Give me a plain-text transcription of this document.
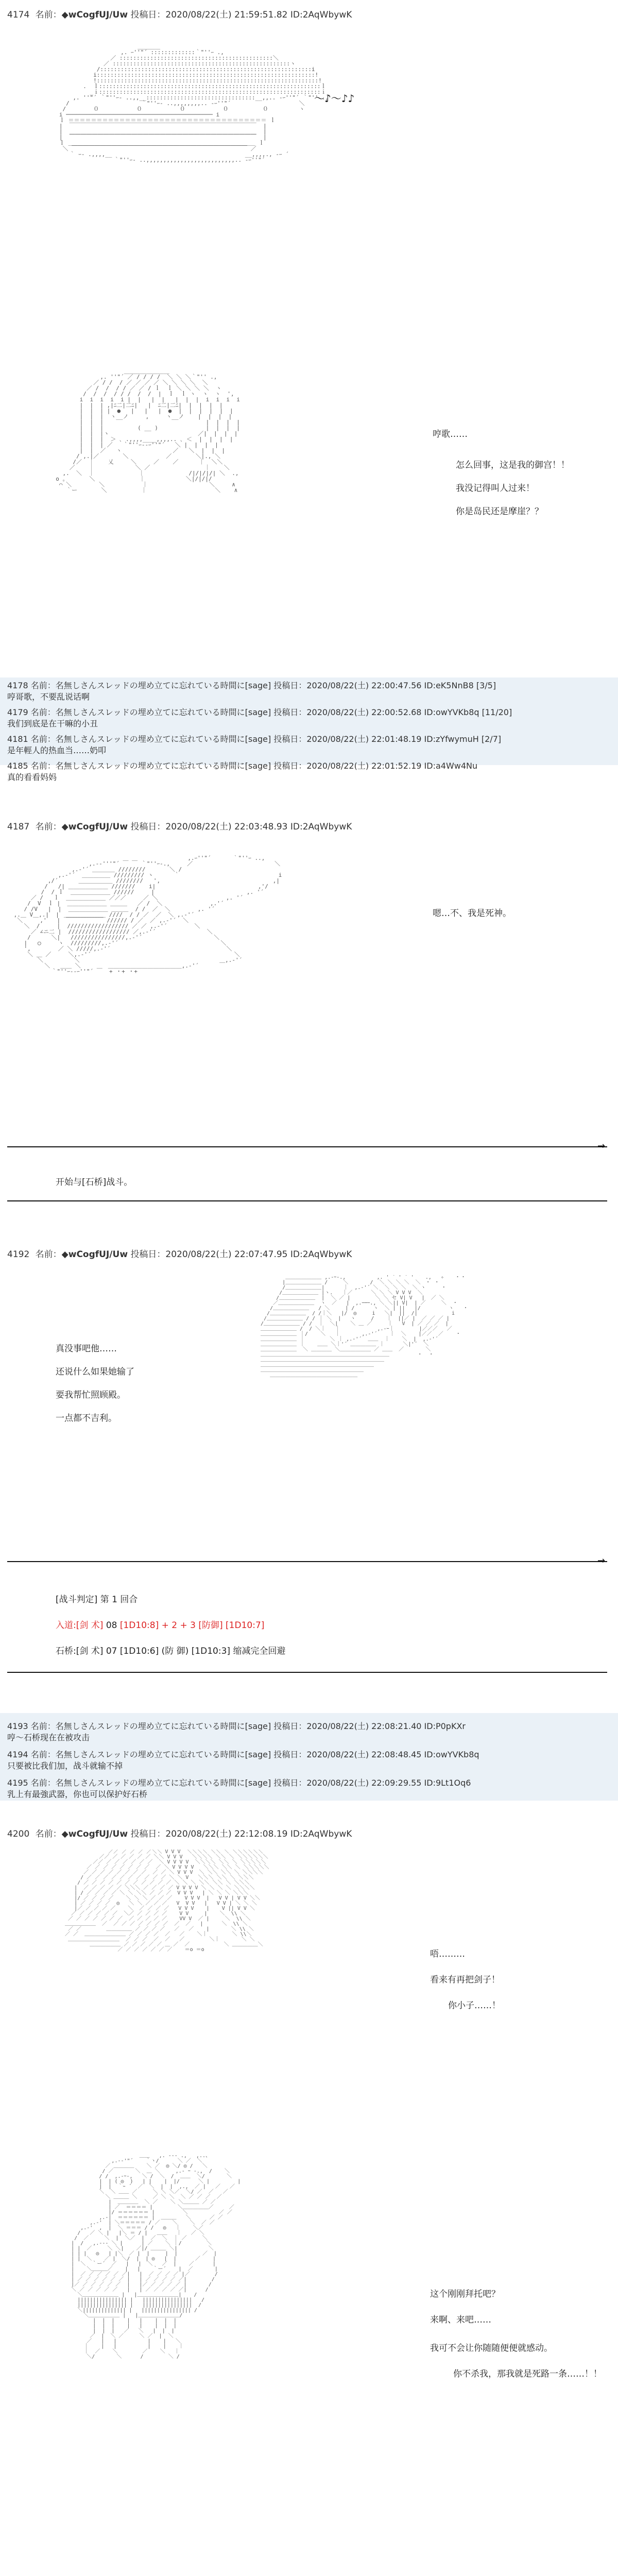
4174 名前：◆wCogfUJ/Uw 投稿日：2020/08/22(土) 21:59:51.82 ID:2AqWbywK
＿＿＿＿
,. ｰ''"´ :::::::::::::｀"''ｰ .,
／ :::::::::::::::::::::::::::::::::::::::::::::＼
／ ::::::::::::::::::::::::::::::::::::::::::::::::::::ヽ
/::::::::::::::::::::::::::::::::::::::::::::::::::::::::::::::i
i::::::::::::::::::::::::::::::::::::::::::::::::::::::::::::::::!
!:::::::::::::::::::::::::::::::::::::::::::::::::::::::::::::::::!
.  ｌ:::::::::::::::::::::::::::::::::::::::::::::::::::::::::::::::::ｌ
_ｉ:::::::::::::::::::::::::::::::::::::::::::::::::::::::::::::::::ｉ_
,. ''"´ ｀"''ｰ- ..,,__::::::::::::::::::::::::::::::::__,,.. -ｰ''"´ ｀"'' .,
/                     ｀"''ｰ- ..,,,,,,,,.. -ｰ''"´                    ＼
/        ０           ０           ０           ０          ０         ヽ
i ─────────────────────────────────────────── i
ｌ ＝＝＝＝＝＝＝＝＝＝＝＝＝＝＝＝＝＝＝＝＝＝＝＝＝＝＝＝＝＝＝＝＝＝＝ ｌ
|  ￣￣￣￣￣￣￣￣￣￣￣￣￣￣￣￣￣￣￣￣￣￣￣￣￣￣￣￣￣￣￣￣￣  |
|  ＿＿＿＿＿＿＿＿＿＿＿＿＿＿＿＿＿＿＿＿＿＿＿＿＿＿＿＿＿＿＿＿＿  |
|  ￣￣￣￣￣￣￣￣￣￣￣￣￣￣￣￣￣￣￣￣￣￣￣￣￣￣￣￣￣￣￣￣￣  |
ｌ ＿＿＿＿＿＿＿＿＿＿＿＿＿＿＿＿＿＿＿＿＿＿＿＿＿＿＿＿＿＿＿＿＿ ｌ
＼ ￣￣￣￣￣￣￣￣￣￣￣￣￣￣￣￣￣￣￣￣￣￣￣￣￣￣￣￣￣￣￣ ／
｀ ｰ- .,,,,__                                       __,,,,., -ｰ ´
｀"''ｰ- ..,,,,,,,,,,,,,,,,,,,,,,,,,,.. -ｰ''"´

～♪～♪♪
＿＿＿＿＿＿＿＿
,. ''"´ ／ / / / /  ＼ ＼ ＼｀"'' .,
／ / /  / ／ ／ ／ ／ ＼ ＼ ＼ ＼  ＼
／ /  /  / / ／ ／ / ｌ  ｌ ＼ ＼ ＼ ＼  ヽ
/  /  /  / / /  /  /  |  ｌ  ｌ ヽ  ヽ  ヽ  ',
i  i  i  i  i |  |   |  |   |  |  |  i  i  i  i
|  |  | ,|ﾆ二|二ﾆ|   |  ﾆ二|二ﾆ|  |  |  |  |
|  |  | |  ●   |   |   |  ●  |  |  |  |  |  |
|  |  |  ヽ__ノ     ,     ヽ__ノ    |  |  |  |
|  |  |                              |  |  |  |
|  |  |          ( __ )              |  |  |  |
|  |  |ヽ                          ／|  |  |  |
|  |  |  ＞ ､ .,,,,____,,,,.. ､ ＜  |  |  |  |
|  |  | ／   ｀"''ｰ--ｰ''"´   ＼ |  |  |  |
|  |  ／   ヽ               ／   ＼  |  |  |
/ ,.|／       ＼           ／       ＼|., ＼
/／  ｜    乂     ＼     ／    ／      ｜  ＼＼
／    ｜            ＼ ／                ｜    ＼
,.  ＼  ｜             ｜             /|/|/|/| ＼  .,
o ｡       ＼             ｜            ＼|/|/|/
⌒ ＼        ＼           ｜                  ＼     ∧
｀ー       ＼          ｜                    ＼    ∧

哼歌……
怎么回事，这是我的御宫！！
我没记得叫人过来！
你是岛民还是摩崖？？
4178 名前：名無しさんスレッドの埋め立てに忘れている時間に[sage] 投稿日：2020/08/22(土) 22:00:47.56 ID:eK5NnB8 [3/5]
哼哥歌，不要乱说话啊
4179 名前：名無しさんスレッドの埋め立てに忘れている時間に[sage] 投稿日：2020/08/22(土) 22:00:52.68 ID:owYVKb8q [11/20]
我们到底是在干嘛的小丑
4181 名前：名無しさんスレッドの埋め立てに忘れている時間に[sage] 投稿日：2020/08/22(土) 22:01:48.19 ID:zYfwymuH [2/7]
是年輕人的热血当……奶叩
4185 名前：名無しさんスレッドの埋め立てに忘れている時間に[sage] 投稿日：2020/08/22(土) 22:01:52.19 ID:a4Ww4Nu
真的看看妈妈
4187 名前：◆wCogfUJ/Uw 投稿日：2020/08/22(土) 22:03:48.93 ID:2AqWbywK
,.ｰ''"´ ￣ ￣ ｀"''ｰ ..,
,.-‐'''"´ ￣ ￣ ｀"''ｰ-.,     ／                        ＼
,.-'´ ＿＿＿＿ ////////       ＼ /
,.-'´  ＿＿＿＿＿ ///////// ヽ      ｀                             i
,/´      ＿＿＿＿＿＿ ////////   ',                                 ,|
/   /| ＿＿＿＿＿＿＿ ///////    i|                              ,'/
/  / ｌ  ＿＿＿＿＿＿＿ //////     |                           ,. '´
／ /   ｌ  ＿＿＿＿＿＿＿ ／／／     ／ ＼                    ,. '´
/  V  ｌ |  ＿＿＿＿＿＿＿ ＿＿＿   ／ /  ＼              ,.'´
/ /V   |  |  ＿＿＿＿＿＿＿ ＿＿＿  / /  ／  ＼        ,. '´
,.＿ V＿,.|  |  ＿＿＿＿＿＿＿ ////  / / ／  ／  ＼ ,.-'´
＼     ,'   | ￣￣￣￣￣￣￣ ////// / ／  ／ ,.-'´  ＼
＼  /     |  ////////////////// ／ ／ ,.-'´        ＼
／ ∠ニ二 |  ////////////////// ／,.-'´               ＼
/      ＼|   ////////////////,.-'´                     ＼
|   ◯     ヽ  /////////,.-'´                              ＼
',        ／ ＼ /////,.-'´                                  ＼
＼ ＿ ／     ＼,.-'´                                          ＼
＼         ＼                                         ＿,.-'´
＼   ＿＿ ＼        ＿＿＿＿＿＿＿＿＿＿＿＿＿,.-'´
｀"''ｰ--ｰ''"´ ￣  + ・+ ・+

嗯…不、我是死神。
→
开始与[石桥]战斗。
4192 名前：◆wCogfUJ/Uw 投稿日：2020/08/22(土) 22:07:47.95 ID:2AqWbywK
＿＿＿＿＿＿＿ ,.-ｰ-.,          ,. ' ´ ' ` ' ｀ .,   ✧    ･ ･
|＿＿＿＿＿＿＿ /     ＼       /  ＼ ＼ ＼ ＼  ＼  ･  ･
/＿＿＿＿＿＿＿|      ｜  ,.-'´ ＼  ＼ ＼ ＼  ＼ ヽ     ・
/＿＿＿＿＿＿＿ |ヽ.   ｜／      ＼ ＼ ＼ V V V  ＼
/＿＿＿＿＿＿＿  |  ＼ ／ |        ＼ ＼ セ V| V   |  ／ ＼
／＿＿＿＿＿＿＿  ヽ  ／   |  ,.ｰ─ｰ., ＼ ＼|| V|  | ／     ＼  ・
/＿＿＿＿＿＿＿   / ＼     | /      ヽ  ＼ | ||   |/         ヽ   ・
/＿＿＿＿＿＿＿  / /｜＼   |/  ◎     i   ＼|  ||  /|           i
/＿＿＿＿＿＿＿ / / ｜ ＼  |   ヽ     /    ｜  ||／ |  ／ ／ ／ |
/＿＿＿＿＿＿＿ / /  ｜  ＼|    ＼ ＿ ／     ｜   V  | ／ ／ ／  |
＿＿＿＿＿＿＿ /  / ＼｜   ｜            ,.-ｰ｜        |／／／   ／
＿＿＿＿＿＿＿ ｜/    ＼   ｜       ,.-'´    ｜  ＼    |／／  ／    ・
＿＿＿＿＿＿＿ ｜        ＼ ｜ ,.-'´  ＿＿  ｜    ＼  |  ,.-'´
＿＿＿＿＿＿＿ ｜    ＿＿ ＼｜'´ ＿＿＿＿＿ ｜      ＼|'´  ＼
＿＿＿＿＿＿＿  ＼ ＿＿＿＿ ＼＿＿＿＿＿＿ ／ ＿＿  ／       ＼
＿＿＿＿＿＿＿＿＿＿＿＿＿＿＿＿＿＿＿＿＿＿＿＿＿         ・  ・
＿＿＿＿＿＿＿＿＿＿＿＿＿＿＿＿＿＿＿＿＿＿＿＿
＿＿＿＿＿＿＿＿＿＿＿＿＿＿＿＿＿＿＿＿＿＿
＿＿＿＿＿＿＿＿＿＿＿＿＿＿＿＿＿＿＿＿
＿＿＿＿＿＿＿＿＿＿＿＿＿＿＿＿＿

真没事吧他……
还说什么如果她输了
要我帮忙照顾殿。
一点都不吉利。
→
[战斗判定] 第 1 回合
入道:[剑 术] 08 [1D10:8] + 2 + 3 [防御] [1D10:7]
石桥:[剑 术] 07 [1D10:6] (防 御) [1D10:3] 缩减完全回避
4193 名前：名無しさんスレッドの埋め立てに忘れている時間に[sage] 投稿日：2020/08/22(土) 22:08:21.40 ID:P0pKXr
哼～石桥现在在被攻击
4194 名前：名無しさんスレッドの埋め立てに忘れている時間に[sage] 投稿日：2020/08/22(土) 22:08:48.45 ID:owYVKb8q
只要被比我们加，战斗就输不掉
4195 名前：名無しさんスレッドの埋め立てに忘れている時間に[sage] 投稿日：2020/08/22(土) 22:09:29.55 ID:9Lt1Oq6
乳上有最強武器，你也可以保护好石桥
4200 名前：◆wCogfUJ/Uw 投稿日：2020/08/22(土) 22:12:08.19 ID:2AqWbywK
／／ ／ ／ ／ ／＼＼ V V V  ＼＼＼＼ ＼＼ ＼ ＼＼＼＼＼＼
／／ ／ ／ ／ ／ ／ ＼＼ V V V   ＼＼＼＼ ＼＼ ＼ ＼＼＼＼＼＼
／／ ／ ／ ／ ／ ／ ／  ＼ V V V V  ＼＼＼＼ ＼＼ ＼ ＼＼＼＼＼
／ ／ ／ ／ ／ ／ ／ ／  ／ ＼ V V V V   ＼＼＼ ＼＼ ＼ ＼＼＼＼＼
／ ／ ／ ／ ／ ／ ／ ／  ／ ／ ＼ V V V  ＼ ＼＼ ＼＼ ＼ ＼＼＼＼
/ ／ ／ ／ ／ ／ ／ ／ ／ ／ ／ ＼ ＼ V   ＼＼＼ ＼＼ ＼ ＼＼＼
/ ／ ／ ／ ／ ／ ／ ／ ／ ／ ／ ／ ＼ ＼ ＼ ＼＼ ＼＼ ＼ ＼＼＼
|  ／ ／ ／ ／ ／ ＼＼＼ ／ ／ ／ ／ V V V V ＼ ＼ ＼ ＼ ＼＼＼＼
| / ／ ／ ／ ／ ＼ ＼ ＼＼ ／ ／ ／  V V V   | ＼ ＼ ＼ ＼＼＼
|/ ／ ／ ／ ／    ＼ ＼ ＼ ／ ／ ／    V V V  |   V V | V V ＼＼
| ／ ／ ／ ／  ◎   ＼ ＼ ／ ／ ／   V  V V   |   V V | ＼ ＼ ＼
|／ ／ ／ ／ ／    ＼  ／ ／ ／ ／   V V V    |    V || V V ＼
／ ／ ／ ／ ／ ／  ＼／ ／ ／ ／ ／    V V     |    ＼  \\ ＼
／ ／ ／ ／ ／ ／ ／  ／ ／ ／ ／ ／    VV V  ／ |     ＼  \\ ＼
＿＿＿＿＿＿  ／  ／ ／ ／ ／ ／ ／ ／  ／  ／   |      ＼  \\ ＼
／ ／        ＿＿＿＿＿ ／ ／ ／ ／   ／   ／    |       ＼ \\ ＼
／ ／  ＿＿＿＿＿＿＿＿ ／ ／ ／ ／  ／   ／    ＼｜        ＼ \\＼
＿＿＿＿＿＿＿＿＿＿  ／ ／ ／  ／  ／   ／        ＼｜       ＼ ＼
＿＿＿＿＿＿ ／ ／ ／ ／ ／ ＿ ／  ／           ＼ ＿＿＿＿＿＼
／ ／ ／ ／ ／ ／ ／    ＝o ＝o	唔………
看来有再把剑子！
你小子……！
＿＿   ,. --- .,   ,..、
,.-‐'"´    ｀ヽ/      ＼ ／  ＼
／ ＿＿＿＿    ＼ ／  ◎ ＼/ ◎ /   ＼
/ ／       ＼  ＿ ＼     ,.- ｰ -.,  /    ＼
/ /  ,.-ｰ-,   ＼ /  ＼  /  ＿＿  ＼/       ＼
|  | ( ◎  )   | |    |  |/      ＼ |         |
|  |  ｀ｰ ´  ／  ＼  |  |  ,.,  ／ |   ／   ／
＼  ＼ ＿＿ ／     ＼ ＼ ＼／  ＼/ ／  ／   ／
＼ ＿＿＿ ＼     ／ ＼ ＼  ＼ ／ ／ ／  ／
|  ＿＿＿＿  ＼ ／    ＼ ＼＿＿＿ ／ ／
| ／  ＝＝＝＝ |        ＼＿＿＿＿＿／     ／
|/ ＝＝＝＝＝＝ |         ＼          ／ ／
,.-|  ＝＝＝＝＝＝ |  ＿＿＿   ＼      ／ ／
,.-'  | ＼＝＝＝＝＝ / ／    ＼    ＼  ／ ／
,.-'  ,  |  ＼ ＝＝＝ / /   ◎   ｜    ＼／
/   ／ ＼ |   |＼ ＝ / |   ＿＿   ｜   ／ ＼
/  ／     ＼  |  ＼／  |  ／  ＼  ｜ ／     ＼
|  /   ,.--- ＼ |      | ／    ＼ ｜/        ＼
| |  ／     ＼ ＼|    ／|/ ＿＿＿ ＼|          ＼
| | |   ◎   | |＼  ／ |  |     |  |        ／  |
| |  ＼    ／ |  ＼/  |  | ◎   |  |      ／    |
|  ＼  ｀ー´  ／   |   |  ＼   ／  |    ／      |
|    ＼＿＿＿／    |   |    ｀ー´    |  ／       |
|  ／ ／ ／ ／ ／ ／|   |  ／ ／ ／ ／ |／        /
| ／ ／ ／ ／ ／ ／ |   | ／ ／ ／ ／ ／|        /
|／ ／ ／ ／ ／ ／  |   |／ ／ ／ ／ ／ |       /
＼ ／ ／ ／ ／ ／   |   | ／ ／ ／ ／ ／|      /
＼＿＿＿＿＿＿＿ |   |＿＿＿＿＿＿＿＿|    /
|||||||||||||||| |   ||||||||||||||||   /
|||||||||||||||| |   ||||||||||||||||  /
＼|||||||||||||| |   |||||||||||||||| /
＼＿＿＿＿＿＿ |   |＿＿＿＿＿＿＿＿/
|  |  |    |   |    |  |  |
|  |  |    |   |    |  |  |
|  |  |   ／   ＼   |  |  |
／  |  ＼ ／     ＼ ／  |  ＼
／   |   |          |    |   ＼
｜    |   |          |    |    ｜
｜  ／    ＼        ／    ＼   ｜
＼/       ＼      /        ＼ /

这个刚刚拜托吧？
来啊、来吧……
我可不会让你随随便便就感动。
你不杀我，那我就是死路一条……！！
